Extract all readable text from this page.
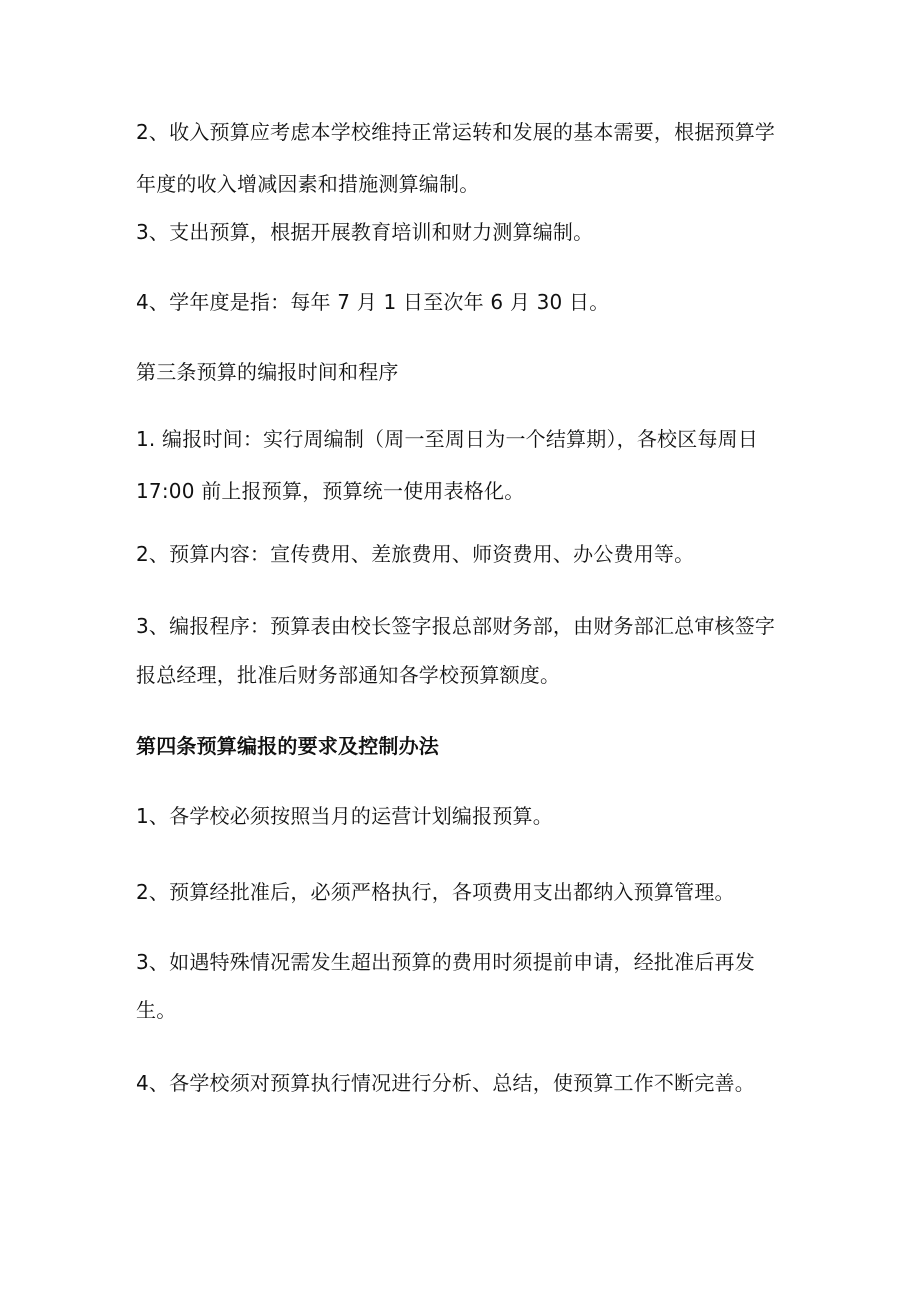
2、收入预算应考虑本学校维持正常运转和发展的基本需要，根据预算学
年度的收入增减因素和措施测算编制。
3、支出预算，根据开展教育培训和财力测算编制。
4、学年度是指：每年 7 月 1 日至次年 6 月 30 日。
第三条预算的编报时间和程序
1. 编报时间：实行周编制（周一至周日为一个结算期），各校区每周日
17:00 前上报预算，预算统一使用表格化。
2、预算内容：宣传费用、差旅费用、师资费用、办公费用等。
3、编报程序：预算表由校长签字报总部财务部，由财务部汇总审核签字
报总经理，批准后财务部通知各学校预算额度。
第四条预算编报的要求及控制办法
1、各学校必须按照当月的运营计划编报预算。
2、预算经批准后，必须严格执行，各项费用支出都纳入预算管理。
3、如遇特殊情况需发生超出预算的费用时须提前申请，经批准后再发
生。
4、各学校须对预算执行情况进行分析、总结，使预算工作不断完善。
